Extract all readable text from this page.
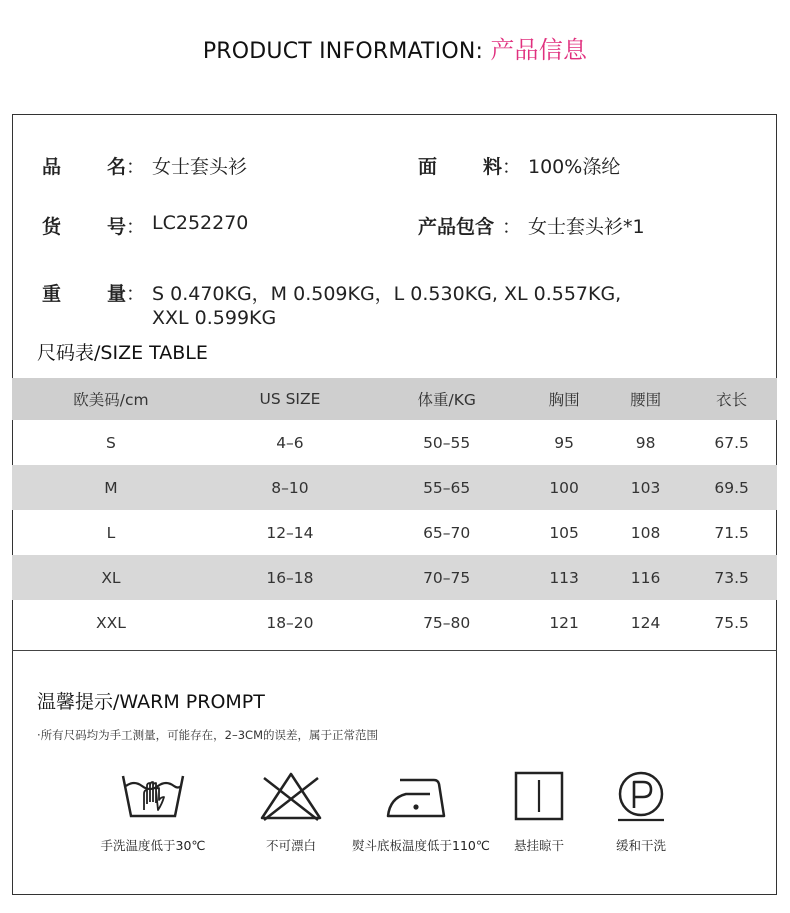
PRODUCT INFORMATION: 产品信息
品 名 ： 女士套头衫	面 料 ： 100%涤纶
货 号 ： LC252270	产品包含 ： 女士套头衫*1
重 量 ： S 0.470KG，M 0.509KG，L 0.530KG, XL 0.557KG,
XXL 0.599KG
尺码表/SIZE TABLE
欧美码/cm	US SIZE	体重/KG	胸围	腰围	衣长
S	4–6	50–55	95	98	67.5
M	8–10	55–65	100	103	69.5
L	12–14	65–70	105	108	71.5
XL	16–18	70–75	113	116	73.5
XXL	18–20	75–80	121	124	75.5
温馨提示/WARM PROMPT
·所有尺码均为手工测量，可能存在，2–3CM的误差，属于正常范围
手洗温度低于30℃	不可漂白	熨斗底板温度低于110℃	悬挂晾干	缓和干洗
